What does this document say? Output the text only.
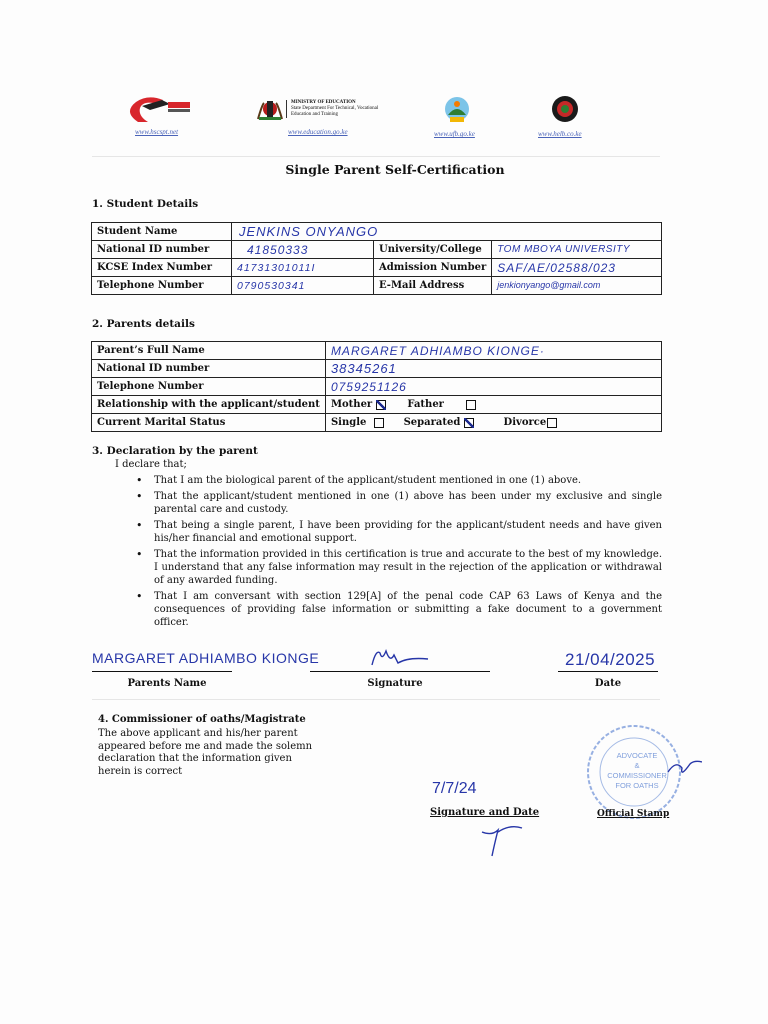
www.hscspt.net
MINISTRY OF EDUCATION
State Department For Technical, Vocational
Education and Training
www.education.go.ke	www.ufb.go.ke	www.helb.co.ke
Single Parent Self-Certification
1. Student Details
Student Name	JENKINS ONYANGO		
National ID number	41850333	University/College	TOM MBOYA UNIVERSITY
KCSE Index Number	41731301011I	Admission Number	SAF/AE/02588/023
Telephone Number	0790530341	E-Mail Address	jenkionyango@gmail.com
2. Parents details
Parent’s Full Name	MARGARET ADHIAMBO KIONGE·
National ID number	38345261
Telephone Number	0759251126
Relationship with the applicant/student	Mother Father
Current Marital Status	Single Separated Divorce
3. Declaration by the parent
I declare that;
• That I am the biological parent of the applicant/student mentioned in one (1) above.
• That the applicant/student mentioned in one (1) above has been under my exclusive and single parental care and custody.
• That being a single parent, I have been providing for the applicant/student needs and have given his/her financial and emotional support.
• That the information provided in this certification is true and accurate to the best of my knowledge. I understand that any false information may result in the rejection of the application or withdrawal of any awarded funding.
• That I am conversant with section 129[A] of the penal code CAP 63 Laws of Kenya and the consequences of providing false information or submitting a fake document to a government officer.
MARGARET ADHIAMBO KIONGE	21/04/2025
Parents Name	Signature	Date
4. Commissioner of oaths/Magistrate
The above applicant and his/her parent
appeared before me and made the solemn
declaration that the information given
herein is correct
7/7/24
Signature and Date
ADVOCATE
&
COMMISSIONER
FOR OATHS
Official Stamp
